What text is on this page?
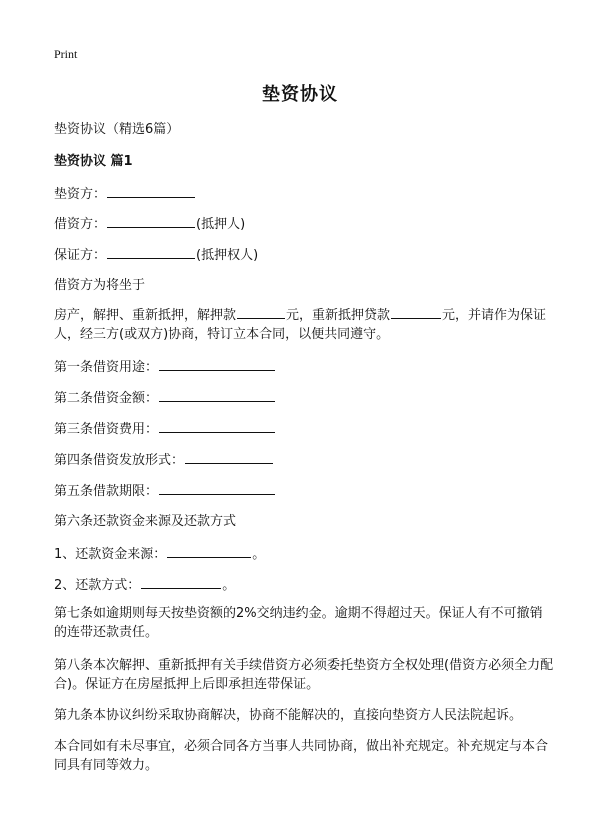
Print
垫资协议
垫资协议（精选6篇）
垫资协议 篇1
垫资方：
借资方：	(抵押人)
保证方：	(抵押权人)
借资方为将坐于
房产，解押、重新抵押，解押款	元，重新抵押贷款	元，并请作为保证人，经三方(或双方)协商，特订立本合同，以便共同遵守。
第一条借资用途：
第二条借资金额：
第三条借资费用：
第四条借资发放形式：
第五条借款期限：
第六条还款资金来源及还款方式
1、还款资金来源：	。
2、还款方式：	。
第七条如逾期则每天按垫资额的2%交纳违约金。逾期不得超过天。保证人有不可撤销的连带还款责任。
第八条本次解押、重新抵押有关手续借资方必须委托垫资方全权处理(借资方必须全力配合)。保证方在房屋抵押上后即承担连带保证。
第九条本协议纠纷采取协商解决，协商不能解决的，直接向垫资方人民法院起诉。
本合同如有未尽事宜，必须合同各方当事人共同协商，做出补充规定。补充规定与本合同具有同等效力。
